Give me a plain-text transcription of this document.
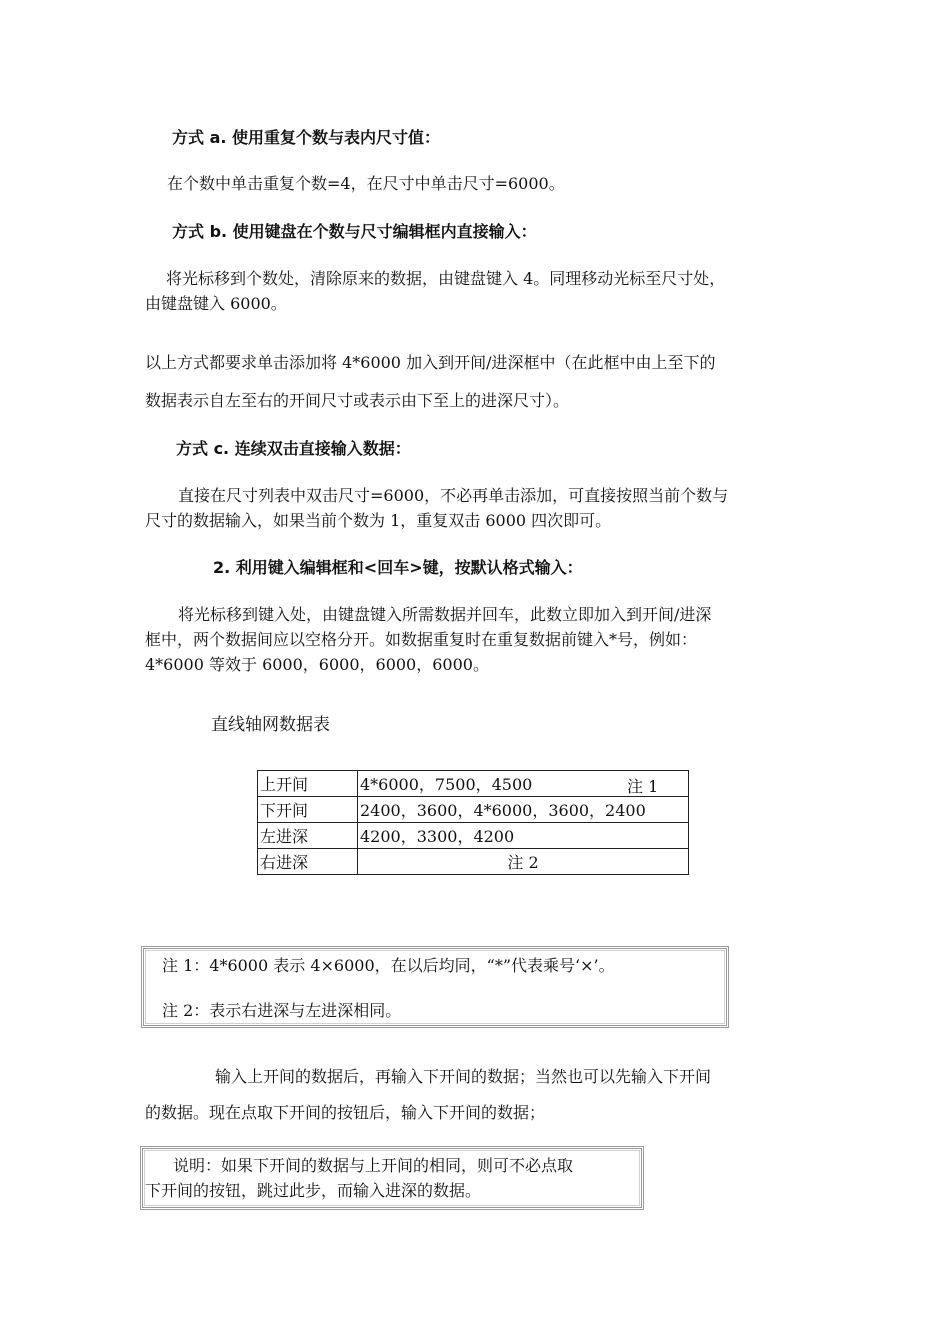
方式 a. 使用重复个数与表内尺寸值：
在个数中单击重复个数=4，在尺寸中单击尺寸=6000。
方式 b. 使用键盘在个数与尺寸编辑框内直接输入：
将光标移到个数处，清除原来的数据，由键盘键入 4。同理移动光标至尺寸处，
由键盘键入 6000。
以上方式都要求单击添加将 4*6000 加入到开间/进深框中（在此框中由上至下的
数据表示自左至右的开间尺寸或表示由下至上的进深尺寸）。
方式 c. 连续双击直接输入数据：
直接在尺寸列表中双击尺寸=6000，不必再单击添加，可直接按照当前个数与
尺寸的数据输入，如果当前个数为 1，重复双击 6000 四次即可。
2. 利用键入编辑框和<回车>键，按默认格式输入：
将光标移到键入处，由键盘键入所需数据并回车，此数立即加入到开间/进深
框中，两个数据间应以空格分开。如数据重复时在重复数据前键入*号，例如：
4*6000 等效于 6000，6000，6000，6000。
直线轴网数据表
上开间	4*6000，7500，4500 注 1

下开间	2400，3600，4*6000，3600，2400
左进深	4200，3300，4200
右进深	注 2
注 1：4*6000 表示 4×6000，在以后均同，“*”代表乘号‘×’。
注 2：表示右进深与左进深相同。
输入上开间的数据后，再输入下开间的数据；当然也可以先输入下开间
的数据。现在点取下开间的按钮后，输入下开间的数据；
说明：如果下开间的数据与上开间的相同，则可不必点取
下开间的按钮，跳过此步，而输入进深的数据。
